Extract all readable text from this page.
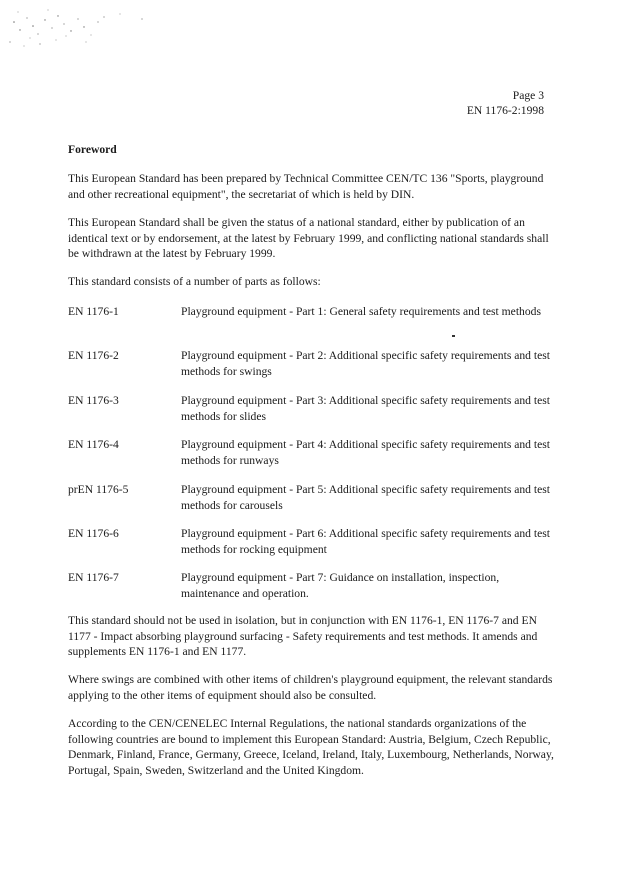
Page 3
EN 1176-2:1998
Foreword
This European Standard has been prepared by Technical Committee CEN/TC 136 "Sports, playground and other recreational equipment", the secretariat of which is held by DIN.
This European Standard shall be given the status of a national standard, either by publication of an identical text or by endorsement, at the latest by February 1999, and conflicting national standards shall be withdrawn at the latest by February 1999.
This standard consists of a number of parts as follows:
EN 1176-1	Playground equipment - Part 1: General safety requirements and test methods
EN 1176-2	Playground equipment - Part 2: Additional specific safety requirements and test methods for swings
EN 1176-3	Playground equipment - Part 3: Additional specific safety requirements and test methods for slides
EN 1176-4	Playground equipment - Part 4: Additional specific safety requirements and test methods for runways
prEN 1176-5	Playground equipment - Part 5: Additional specific safety requirements and test methods for carousels
EN 1176-6	Playground equipment - Part 6: Additional specific safety requirements and test methods for rocking equipment
EN 1176-7	Playground equipment - Part 7: Guidance on installation, inspection, maintenance and operation.
This standard should not be used in isolation, but in conjunction with EN 1176-1, EN 1176-7 and EN 1177 - Impact absorbing playground surfacing - Safety requirements and test methods. It amends and supplements EN 1176-1 and EN 1177.
Where swings are combined with other items of children's playground equipment, the relevant standards applying to the other items of equipment should also be consulted.
According to the CEN/CENELEC Internal Regulations, the national standards organizations of the following countries are bound to implement this European Standard: Austria, Belgium, Czech Republic, Denmark, Finland, France, Germany, Greece, Iceland, Ireland, Italy, Luxembourg, Netherlands, Norway, Portugal, Spain, Sweden, Switzerland and the United Kingdom.
